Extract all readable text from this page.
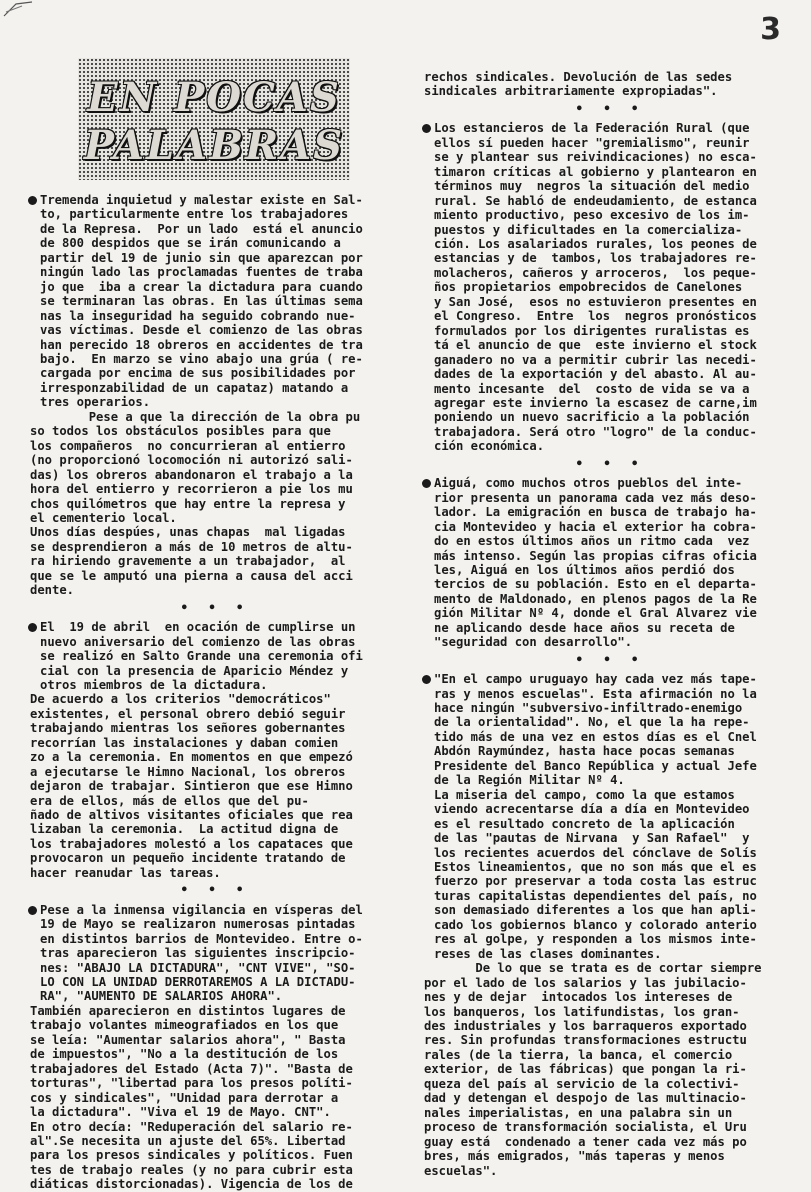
3
EN POCAS
PALABRAS
Tremenda inquietud y malestar existe en Sal-
to, particularmente entre los trabajadores
de la Represa.  Por un lado  está el anuncio
de 800 despidos que se irán comunicando a
partir del 19 de junio sin que aparezcan por
ningún lado las proclamadas fuentes de traba
jo que  iba a crear la dictadura para cuando
se terminaran las obras. En las últimas sema
nas la inseguridad ha seguido cobrando nue-
vas víctimas. Desde el comienzo de las obras
han perecido 18 obreros en accidentes de tra
bajo.  En marzo se vino abajo una grúa ( re-
cargada por encima de sus posibilidades por
irresponzabilidad de un capataz) matando a
tres operarios.
Pese a que la dirección de la obra pu
so todos los obstáculos posibles para que
los compañeros  no concurrieran al entierro
(no proporcionó locomoción ni autorizó sali-
das) los obreros abandonaron el trabajo a la
hora del entierro y recorrieron a pie los mu
chos quilómetros que hay entre la represa y
el cementerio local.
Unos días despúes, unas chapas  mal ligadas
se desprendieron a más de 10 metros de altu-
ra hiriendo gravemente a un trabajador,  al
que se le amputó una pierna a causa del acci
dente.
• • •
El  19 de abril  en ocación de cumplirse un
nuevo aniversario del comienzo de las obras
se realizó en Salto Grande una ceremonia ofi
cial con la presencia de Aparicio Méndez y
otros miembros de la dictadura.
De acuerdo a los criterios "democráticos"
existentes, el personal obrero debió seguir
trabajando mientras los señores gobernantes
recorrían las instalaciones y daban comien
zo a la ceremonia. En momentos en que empezó
a ejecutarse le Himno Nacional, los obreros
dejaron de trabajar. Sintieron que ese Himno
era de ellos, más de ellos que del pu-
ñado de altivos visitantes oficiales que rea
lizaban la ceremonia.  La actitud digna de
los trabajadores molestó a los capataces que
provocaron un pequeño incidente tratando de
hacer reanudar las tareas.
• • •
Pese a la inmensa vigilancia en vísperas del
19 de Mayo se realizaron numerosas pintadas
en distintos barrios de Montevideo. Entre o-
tras aparecieron las siguientes inscripcio-
nes: "ABAJO LA DICTADURA", "CNT VIVE", "SO-
LO CON LA UNIDAD DERROTAREMOS A LA DICTADU-
RA", "AUMENTO DE SALARIOS AHORA".
También aparecieron en distintos lugares de
trabajo volantes mimeografiados en los que
se leía: "Aumentar salarios ahora", " Basta
de impuestos", "No a la destitución de los
trabajadores del Estado (Acta 7)". "Basta de
torturas", "libertad para los presos políti-
cos y sindicales", "Unidad para derrotar a
la dictadura". "Viva el 19 de Mayo. CNT".
En otro decía: "Reduperación del salario re-
al".Se necesita un ajuste del 65%. Libertad
para los presos sindicales y políticos. Fuen
tes de trabajo reales (y no para cubrir esta
diáticas distorcionadas). Vigencia de los de
rechos sindicales. Devolución de las sedes
sindicales arbitrariamente expropiadas".
• • •
Los estancieros de la Federación Rural (que
ellos sí pueden hacer "gremialismo", reunir
se y plantear sus reivindicaciones) no esca-
timaron críticas al gobierno y plantearon en
términos muy  negros la situación del medio
rural. Se habló de endeudamiento, de estanca
miento productivo, peso excesivo de los im-
puestos y dificultades en la comercializa-
ción. Los asalariados rurales, los peones de
estancias y de  tambos, los trabajadores re-
molacheros, cañeros y arroceros,  los peque-
ños propietarios empobrecidos de Canelones
y San José,  esos no estuvieron presentes en
el Congreso.  Entre  los  negros pronósticos
formulados por los dirigentes ruralistas es
tá el anuncio de que  este invierno el stock
ganadero no va a permitir cubrir las necedi-
dades de la exportación y del abasto. Al au-
mento incesante  del  costo de vida se va a
agregar este invierno la escasez de carne,im
poniendo un nuevo sacrificio a la población
trabajadora. Será otro "logro" de la conduc-
ción económica.
• • •
Aiguá, como muchos otros pueblos del inte-
rior presenta un panorama cada vez más deso-
lador. La emigración en busca de trabajo ha-
cia Montevideo y hacia el exterior ha cobra-
do en estos últimos años un ritmo cada  vez
más intenso. Según las propias cifras oficia
les, Aiguá en los últimos años perdió dos
tercios de su población. Esto en el departa-
mento de Maldonado, en plenos pagos de la Re
gión Militar Nº 4, donde el Gral Alvarez vie
ne aplicando desde hace años su receta de
"seguridad con desarrollo".
• • •
"En el campo uruguayo hay cada vez más tape-
ras y menos escuelas". Esta afirmación no la
hace ningún "subversivo-infiltrado-enemigo
de la orientalidad". No, el que la ha repe-
tido más de una vez en estos días es el Cnel
Abdón Raymúndez, hasta hace pocas semanas
Presidente del Banco República y actual Jefe
de la Región Militar Nº 4.
La miseria del campo, como la que estamos
viendo acrecentarse día a día en Montevideo
es el resultado concreto de la aplicación
de las "pautas de Nirvana  y San Rafael"  y
los recientes acuerdos del cónclave de Solís
Estos lineamientos, que no son más que el es
fuerzo por preservar a toda costa las estruc
turas capitalistas dependientes del país, no
son demasiado diferentes a los que han apli-
cado los gobiernos blanco y colorado anterio
res al golpe, y responden a los mismos inte-
reses de las clases dominantes.
De lo que se trata es de cortar siempre
por el lado de los salarios y las jubilacio-
nes y de dejar  intocados los intereses de
los banqueros, los latifundistas, los gran-
des industriales y los barraqueros exportado
res. Sin profundas transformaciones estructu
rales (de la tierra, la banca, el comercio
exterior, de las fábricas) que pongan la ri-
queza del país al servicio de la colectivi-
dad y detengan el despojo de las multinacio-
nales imperialistas, en una palabra sin un
proceso de transformación socialista, el Uru
guay está  condenado a tener cada vez más po
bres, más emigrados, "más taperas y menos
escuelas".
